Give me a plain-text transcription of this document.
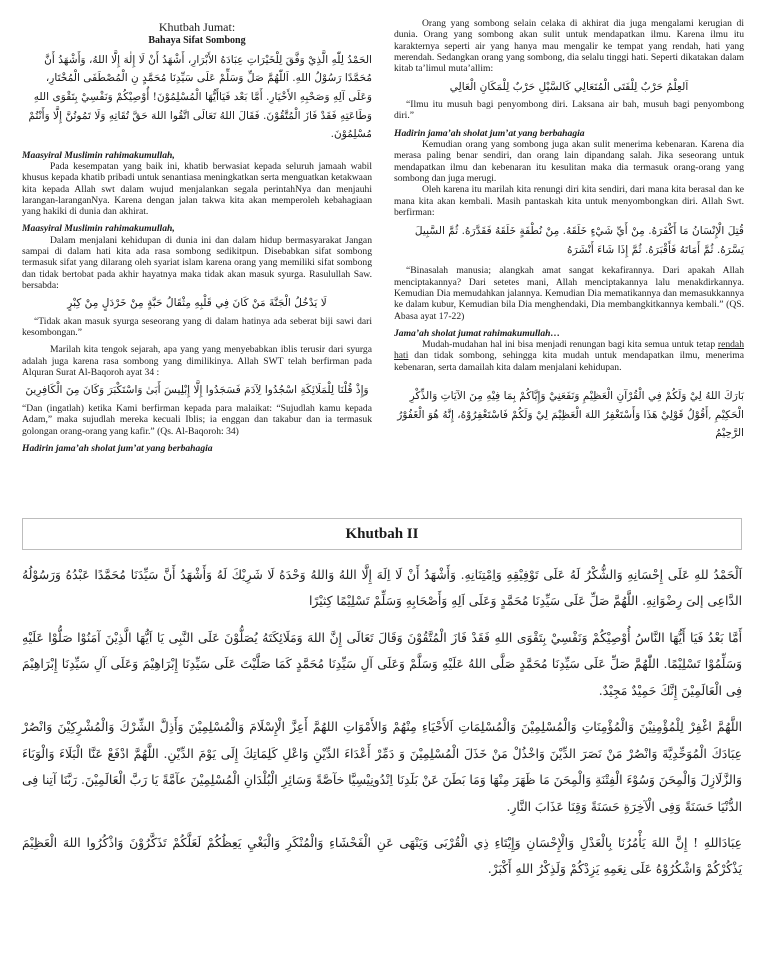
Khutbah Jumat:
Bahaya Sifat Sombong
الحَمْدُ لِلّٰهِ الَّذِيْ وَفَّقَ لِلْخَيْرَاتِ عِبَادَهُ الأَبْرَارِ، أَشْهَدُ أَنْ لَا إِلٰهَ إِلَّا اللهُ، وَأَشْهَدُ أَنَّ مُحَمَّدًا رَسُوْلُ اللهِ. اَللّٰهُمَّ صَلِّ وَسَلِّمْ عَلَى سَيِّدِنَا مُحَمَّدٍ نِ الْمُصْطَفَى الْمُخْتَارِ، وَعَلَى آلِهِ وَصَحْبِهِ الأَخْيَارِ. أَمَّا بَعْد فَيَاأَيُّهَا الْمُسْلِمُوْنَ! أُوْصِيْكُمْ وَنَفْسِيْ بِتَقْوَى اللهِ وَطَاعَتِهِ فَقَدْ فَازَ الْمُتَّقُوْنَ. فَقَالَ اللهُ تَعَالَى اتَّقُوا اللهَ حَقَّ تُقَاتِهِ وَلَا تَمُوتُنَّ إِلَّا وَأَنْتُمْ مُسْلِمُوْنَ.
Maasyiral Muslimin rahimakumullah,

Pada kesempatan yang baik ini, khatib berwasiat kepada seluruh jamaah wabil khusus kepada khatib pribadi untuk senantiasa meningkatkan serta menguatkan ketakwaan kita kepada Allah swt dalam wujud menjalankan segala perintahNya dan menjauhi larangan-laranganNya. Karena dengan jalan takwa kita akan memperoleh kebahagiaan yang hakiki di dunia dan akhirat.

Maasyiral Muslimin rahimakumullah,

Dalam menjalani kehidupan di dunia ini dan dalam hidup bermasyarakat Jangan sampai di dalam hati kita ada rasa sombong sedikitpun. Disebabkan sifat sombong termasuk sifat yang dilarang oleh syariat islam karena orang yang memiliki sifat sombong dan tidak bertobat pada akhir hayatnya maka tidak akan masuk syurga. Rasulullah Saw. bersabda:

لَا يَدْخُلُ الْجَنَّةَ مَنْ كَانَ فِي قَلْبِهِ مِثْقَالُ حَبَّةٍ مِنْ خَرْدَلٍ مِنْ كِبْرٍ

“Tidak akan masuk syurga seseorang yang di dalam hatinya ada seberat biji sawi dari kesombongan.”

Marilah kita tengok sejarah, apa yang yang menyebabkan iblis terusir dari syurga adalah juga karena rasa sombong yang dimilikinya. Allah SWT telah berfirman pada Alquran Surat Al-Baqoroh ayat 34 :

وَإِذْ قُلْنَا لِلْمَلَائِكَةِ اسْجُدُوا لِآدَمَ فَسَجَدُوا إِلَّا إِبْلِيسَ أَبَىٰ وَاسْتَكْبَرَ وَكَانَ مِنَ الْكَافِرِينَ

“Dan (ingatlah) ketika Kami berfirman kepada para malaikat: “Sujudlah kamu kepada Adam,” maka sujudlah mereka kecuali Iblis; ia enggan dan takabur dan ia termasuk golongan orang-orang yang kafir.” (Qs. Al-Baqoroh: 34)

Hadirin jama’ah sholat jum’at yang berbahagia

Orang yang sombong selain celaka di akhirat dia juga mengalami kerugian di dunia. Orang yang sombong akan sulit untuk mendapatkan ilmu. Karena ilmu itu karakternya seperti air yang hanya mau mengalir ke tempat yang rendah, hati yang merendah. Sedangkan orang yang sombong, dia selalu tinggi hati. Seperti dikatakan dalam kitab ta’limul muta’allim:

اَلعِلْمُ حَرْبٌ لِلْفَتَى الْمُتَعَالِي كَالسَّيْلِ حَرْبٌ لِلْمَكَانِ الْعَالِي

“Ilmu itu musuh bagi penyombong diri. Laksana air bah, musuh bagi penyombong diri.”

Hadirin jama’ah sholat jum’at yang berbahagia

Kemudian orang yang sombong juga akan sulit menerima kebenaran. Karena dia merasa paling benar sendiri, dan orang lain dipandang salah. Jika seseorang untuk mendapatkan ilmu dan kebenaran itu kesulitan maka dia termasuk orang-orang yang sombong dan juga merugi.

Oleh karena itu marilah kita renungi diri kita sendiri, dari mana kita berasal dan ke mana kita akan kembali. Masih pantaskah kita untuk menyombongkan diri. Allah Swt. berfirman:

قُتِلَ الْإِنْسَانُ مَا أَكْفَرَهُ. مِنْ أَيِّ شَيْءٍ خَلَقَهُ. مِنْ نُطْفَةٍ خَلَقَهُ فَقَدَّرَهُ. ثُمَّ السَّبِيلَ يَسَّرَهُ. ثُمَّ أَمَاتَهُ فَأَقْبَرَهُ. ثُمَّ إِذَا شَاءَ أَنْشَرَهُ

“Binasalah manusia; alangkah amat sangat kekafirannya. Dari apakah Allah menciptakannya? Dari setetes mani, Allah menciptakannya lalu menakdirkannya. Kemudian Dia memudahkan jalannya. Kemudian Dia mematikannya dan memasukkannya ke dalam kubur, Kemudian bila Dia menghendaki, Dia membangkitkannya kembali.” (QS. Abasa ayat 17-22)

Jama’ah sholat jumat rahimakumullah…

Mudah-mudahan hal ini bisa menjadi renungan bagi kita semua untuk tetap rendah hati dan tidak sombong, sehingga kita mudah untuk mendapatkan ilmu, menerima kebenaran, serta damailah kita dalam menjalani kehidupan.

بَارَكَ اللهُ لِيْ وَلَكُمْ فِي الْقُرْآنِ الْعَظِيْمِ وَنَفَعَنِيْ وَإِيَّاكُمْ بِمَا فِيْهِ مِنَ الآيَاتِ وَالذِّكْرِ الْحَكِيْمِ ,أَقُوْلُ قَوْلِيْ هَذَا وَأَسْتَغْفِرُ اللهَ الْعَظِيْمَ لِيْ وَلَكُمْ فَاسْتَغْفِرُوْهُ، إِنَّهُ هُوَ الْغَفُوْرُ الرَّحِيْمُ
Khutbah II
اَلْحَمْدُ للهِ عَلَى إِحْسَانِهِ وَالشُّكْرُ لَهُ عَلَى تَوْفِيْقِهِ وَاِمْتِنَانِهِ. وَأَشْهَدُ أَنْ لَا اِلَهَ إِلَّا اللهُ وَاللهُ وَحْدَهُ لَا شَرِيْكَ لَهُ وَأَشْهَدُ أَنَّ سَيِّدَنَا مُحَمَّدًا عَبْدُهُ وَرَسُوْلُهُ الدَّاعِى إلىَ رِضْوَانِهِ. اللَّهُمَّ صَلِّ عَلَى سَيِّدِنَا مُحَمَّدٍ وَعَلَى اَلِهِ وَأَصْحَابِهِ وَسَلِّمْ تَسْلِيْمًا كِثيْرًا
أَمَّا بَعْدُ فَيَا أَيُّهَا النَّاسُ أُوْصِيْكُمْ وَنَفْسِيْ بِتَقْوَى اللهِ فَقَدْ فَازَ الْمُتَّقُوْنَ وَقَالَ تَعَالَى إِنَّ اللهَ وَمَلَائِكَتَهُ يُصَلُّوْنَ عَلَى النَّبِى يَا اَيُّهَا الَّذِيْنَ آمَنُوْا صَلُّوْا عَلَيْهِ وَسَلِّمُوْا تَسْلِيْمًا. اللّٰهُمَّ صَلِّ عَلَى سَيِّدِنَا مُحَمَّدٍ صَلَّى اللهُ عَلَيْهِ وَسَلَّمْ وَعَلَى آلِ سَيِّدِنَا مُحَمَّدٍ كَمَا صَلَّيْتَ عَلَى سَيِّدِنَا إِبْرَاهِيْمَ وَعَلَى آلِ سَيِّدِنَا إِبْرَاهِيْمَ فِى الْعَالَمِيْنَ إِنَّكَ حَمِيْدٌ مَجِيْدٌ.
اللَّهُمَّ اغْفِرْ لِلْمُؤْمِنِيْنَ وَالْمُؤْمِنَاتِ وَالْمُسْلِمِيْنَ وَالْمُسْلِمَاتِ اَلأَحْيَاءِ مِنْهُمْ وَالأَمْوَاتِ اللهُمَّ أَعِزَّ الْإِسْلَامَ وَالْمُسْلِمِيْنَ وَأَذِلَّ الشِّرْكَ وَالْمُشْرِكِيْنَ وَانْصُرْ عِبَادَكَ الْمُوَحِّدِيَّةَ وَانْصُرْ مَنْ نَصَرَ الدِّيْنَ وَاخْذُلْ مَنْ خَذَلَ الْمُسْلِمِيْنَ وَ دَمِّرْ أَعْدَاءَ الدِّيْنِ وَاعْلِ كَلِمَاتِكَ إِلَى يَوْمَ الدِّيْنِ. اللَّهُمَّ ادْفَعْ عَنَّا الْبَلَاءَ وَالْوَبَاءَ وَالزَّلَازِلَ وَالْمِحَنَ وَسُوْءَ الْفِتْنَةِ وَالْمِحَنَ مَا ظَهَرَ مِنْهَا وَمَا بَطَنَ عَنْ بَلَدِنَا اِنْدُونِيْسِيَّا خآصَّةً وَسَائِرِ الْبُلْدَانِ الْمُسْلِمِيْنَ عآمَّةً يَا رَبَّ الْعَالَمِيْنَ. رَبَّنَا آتِنا فِى الدُّنْيَا حَسَنَةً وَفِى الْآخِرَةِ حَسَنَةً وَقِنَا عَذَابَ النَّارِ.
عِبَادَاللهِ ! إِنَّ اللهَ يَأْمُرُنَا بِالْعَدْلِ وَالْإِحْسَانِ وَإِيْتَاءِ ذِي الْقُرْبَى وَيَنْهَى عَنِ الْفَحْشَاءِ وَالْمُنْكَرِ وَالْبَغْيِ يَعِظُكُمْ لَعَلَّكُمْ تَذَكَّرُوْنَ وَاذْكُرُوا اللهَ الْعَظِيْمَ يَذْكُرْكُمْ وَاشْكُرُوْهُ عَلَى نِعَمِهِ يَزِدْكُمْ وَلَذِكْرُ اللهِ أَكْبَرْ.
